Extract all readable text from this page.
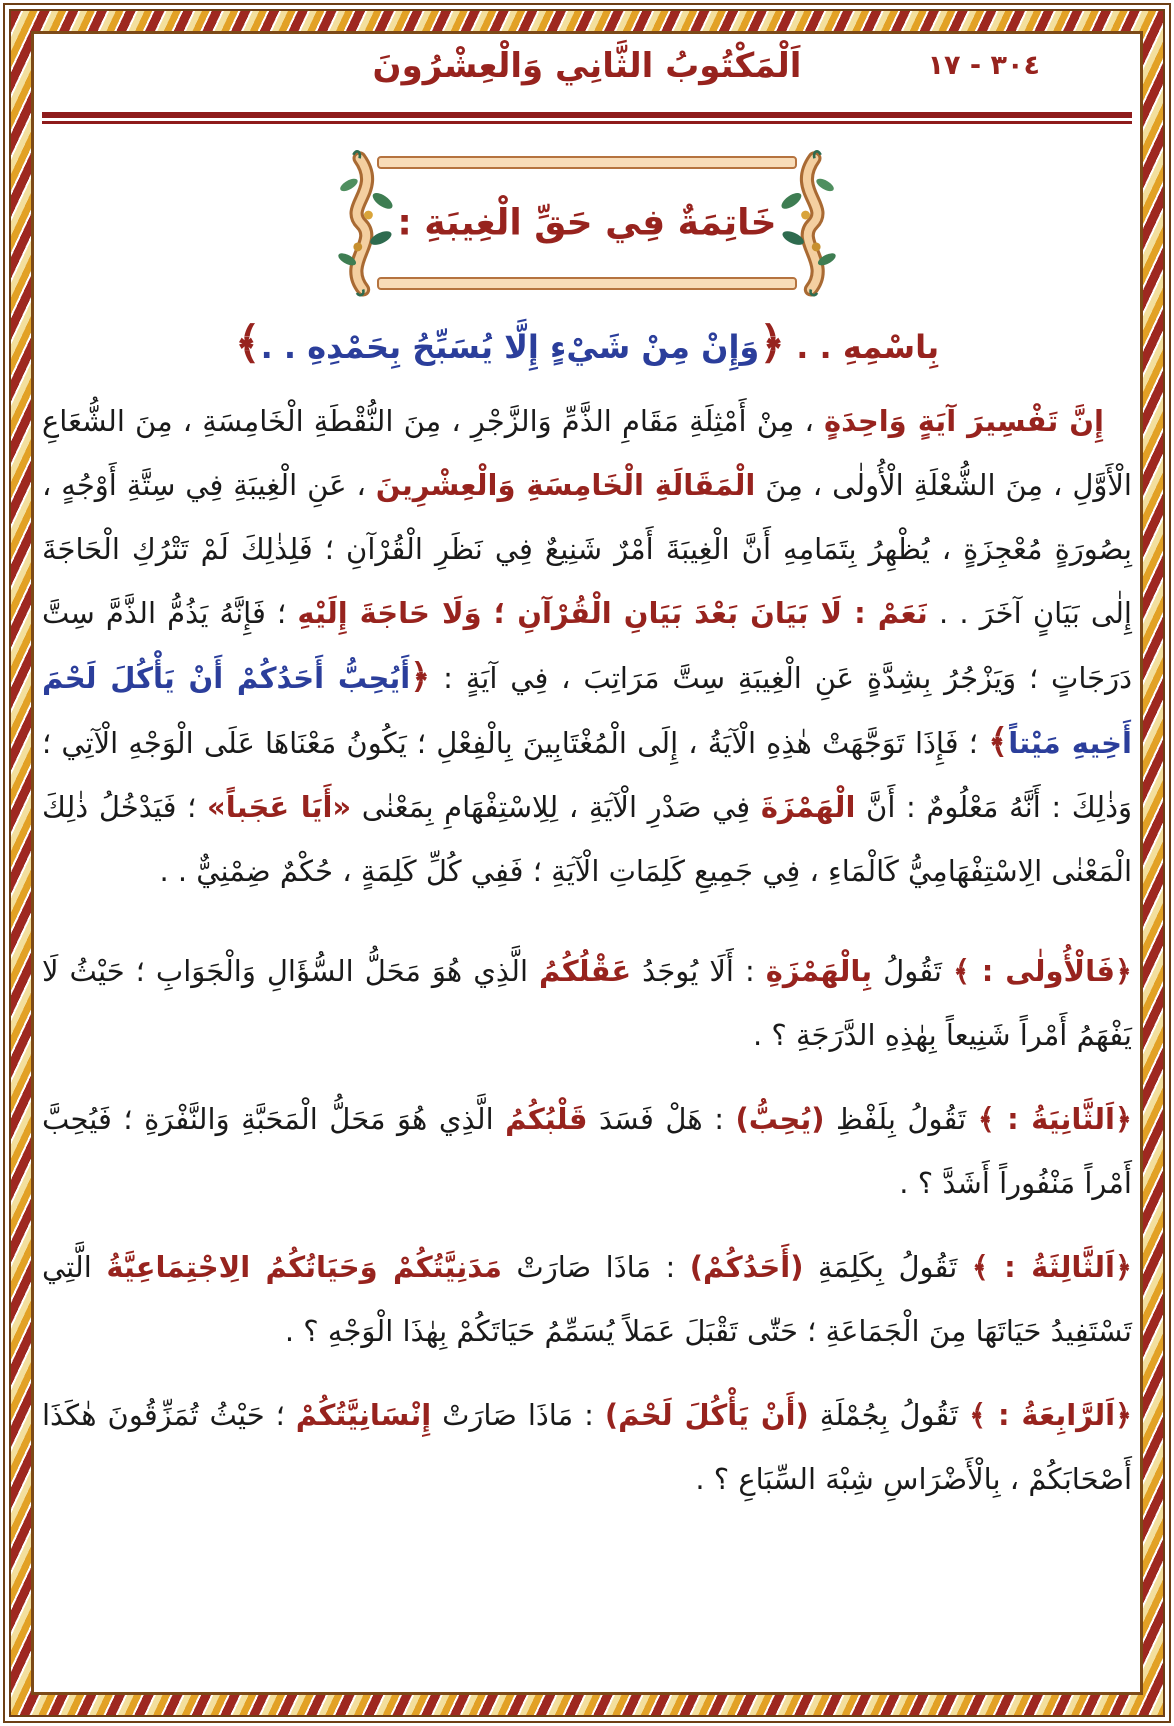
اَلْمَكْتُوبُ الثَّانِي وَالْعِشْرُونَ	٣٠٤ - ١٧
خَاتِمَةٌ فِي حَقِّ الْغِيبَةِ :
بِاسْمِهِ . . ﴿وَإِنْ مِنْ شَيْءٍ إِلَّا يُسَبِّحُ بِحَمْدِهِ . .﴾

إِنَّ تَفْسِيرَ آيَةٍ وَاحِدَةٍ ، مِنْ أَمْثِلَةِ مَقَامِ الذَّمِّ وَالزَّجْرِ ، مِنَ النُّقْطَةِ الْخَامِسَةِ ، مِنَ الشُّعَاعِ الْأَوَّلِ ، مِنَ الشُّعْلَةِ الْأُولٰى ، مِنَ الْمَقَالَةِ الْخَامِسَةِ وَالْعِشْرِينَ ، عَنِ الْغِيبَةِ فِي سِتَّةِ أَوْجُهٍ ، بِصُورَةٍ مُعْجِزَةٍ ، يُظْهِرُ بِتَمَامِهِ أَنَّ الْغِيبَةَ أَمْرٌ شَنِيعٌ فِي نَظَرِ الْقُرْآنِ ؛ فَلِذٰلِكَ لَمْ تَتْرُكِ الْحَاجَةَ إِلٰى بَيَانٍ آخَرَ . . نَعَمْ : لَا بَيَانَ بَعْدَ بَيَانِ الْقُرْآنِ ؛ وَلَا حَاجَةَ إِلَيْهِ ؛ فَإِنَّهُ يَذُمُّ الذَّمَّ سِتَّ دَرَجَاتٍ ؛ وَيَزْجُرُ بِشِدَّةٍ عَنِ الْغِيبَةِ سِتَّ مَرَاتِبَ ، فِي آيَةٍ : ﴿أَيُحِبُّ أَحَدُكُمْ أَنْ يَأْكُلَ لَحْمَ أَخِيهِ مَيْتاً﴾ ؛ فَإِذَا تَوَجَّهَتْ هٰذِهِ الْآيَةُ ، إِلَى الْمُغْتَابِينَ بِالْفِعْلِ ؛ يَكُونُ مَعْنَاهَا عَلَى الْوَجْهِ الْآتِي ؛ وَذٰلِكَ : أَنَّهُ مَعْلُومٌ : أَنَّ الْهَمْزَةَ فِي صَدْرِ الْآيَةِ ، لِلِاسْتِفْهَامِ بِمَعْنٰى «أَيَا عَجَباً» ؛ فَيَدْخُلُ ذٰلِكَ الْمَعْنٰى الِاسْتِفْهَامِيُّ كَالْمَاءِ ، فِي جَمِيعِ كَلِمَاتِ الْآيَةِ ؛ فَفِي كُلِّ كَلِمَةٍ ، حُكْمٌ ضِمْنِيٌّ . .

﴿فَالْأُولٰى : ﴾ تَقُولُ بِالْهَمْزَةِ : أَلَا يُوجَدُ عَقْلُكُمُ الَّذِي هُوَ مَحَلُّ السُّؤَالِ وَالْجَوَابِ ؛ حَيْثُ لَا يَفْهَمُ أَمْراً شَنِيعاً بِهٰذِهِ الدَّرَجَةِ ؟ .

﴿اَلثَّانِيَةُ : ﴾ تَقُولُ بِلَفْظِ (يُحِبُّ) : هَلْ فَسَدَ قَلْبُكُمُ الَّذِي هُوَ مَحَلُّ الْمَحَبَّةِ وَالنَّفْرَةِ ؛ فَيُحِبَّ أَمْراً مَنْفُوراً أَشَدَّ ؟ .

﴿اَلثَّالِثَةُ : ﴾ تَقُولُ بِكَلِمَةِ (أَحَدُكُمْ) : مَاذَا صَارَتْ مَدَنِيَّتُكُمْ وَحَيَاتُكُمُ الِاجْتِمَاعِيَّةُ الَّتِي تَسْتَفِيدُ حَيَاتَهَا مِنَ الْجَمَاعَةِ ؛ حَتّٰى تَقْبَلَ عَمَلاً يُسَمِّمُ حَيَاتَكُمْ بِهٰذَا الْوَجْهِ ؟ .

﴿اَلرَّابِعَةُ : ﴾ تَقُولُ بِجُمْلَةِ (أَنْ يَأْكُلَ لَحْمَ) : مَاذَا صَارَتْ إِنْسَانِيَّتُكُمْ ؛ حَيْثُ تُمَزِّقُونَ هٰكَذَا أَصْحَابَكُمْ ، بِالْأَضْرَاسِ شِبْهَ السِّبَاعِ ؟ .
